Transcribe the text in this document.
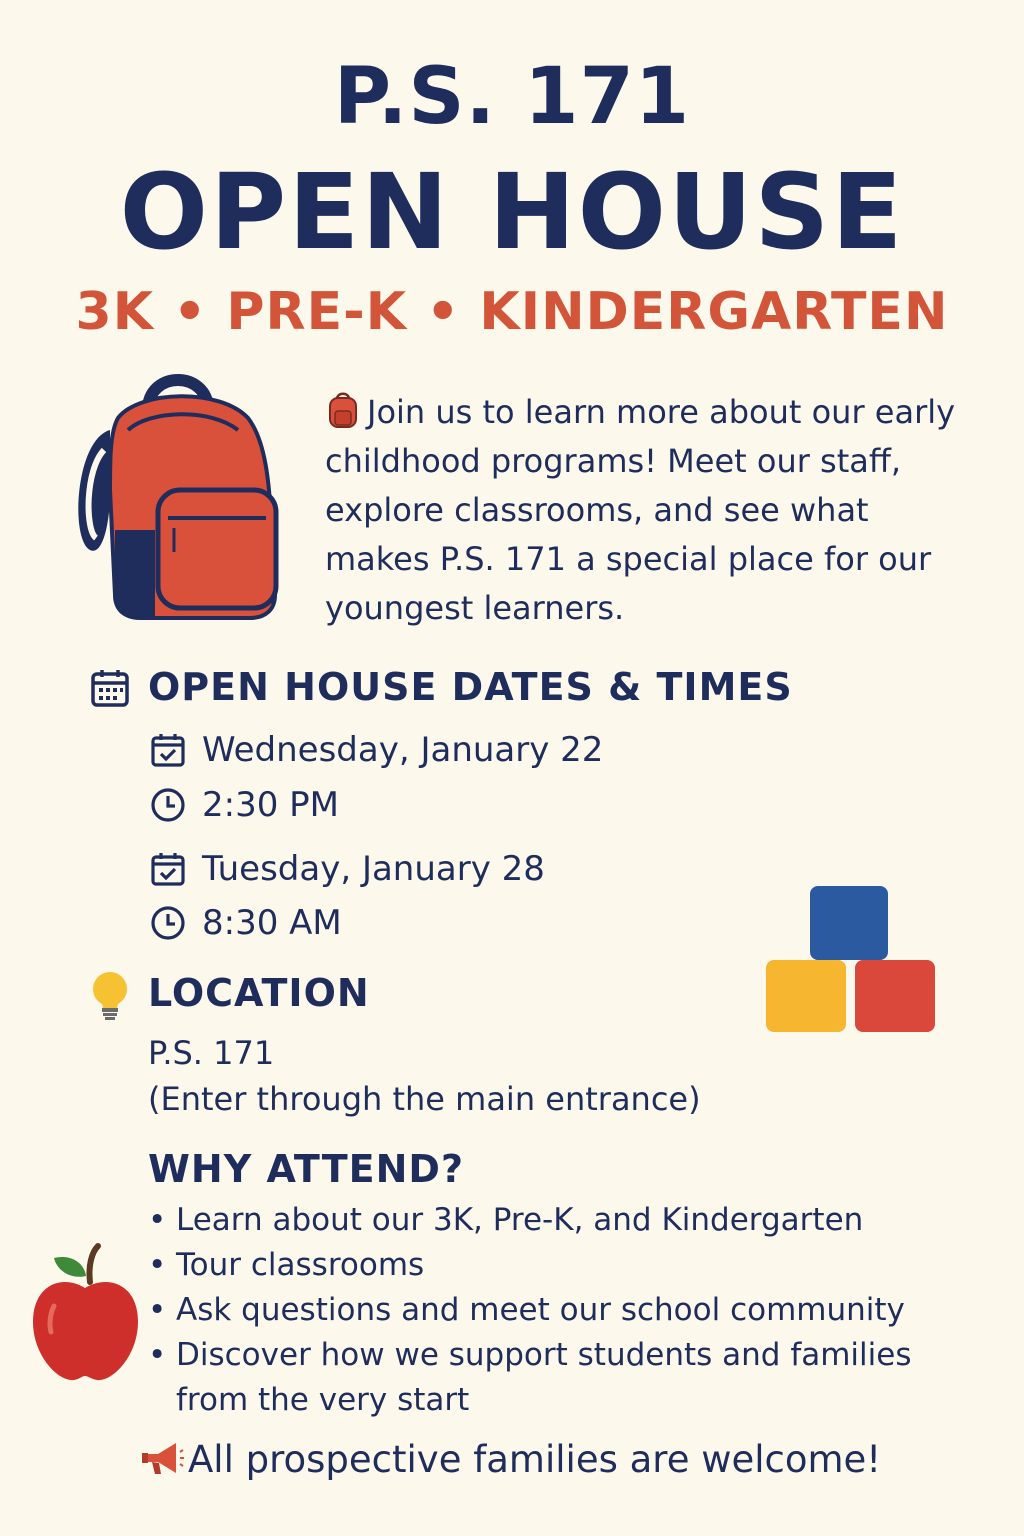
P.S. 171
OPEN HOUSE
3K • PRE-K • KINDERGARTEN
Join us to learn more about our early childhood programs! Meet our staff, explore classrooms, and see what makes P.S. 171 a special place for our youngest learners.
OPEN HOUSE DATES & TIMES
Wednesday, January 22
2:30 PM
Tuesday, January 28
8:30 AM
LOCATION
P.S. 171
(Enter through the main entrance)
WHY ATTEND?
• Learn about our 3K, Pre-K, and Kindergarten
• Tour classrooms
• Ask questions and meet our school community
• Discover how we support students and families from the very start
All prospective families are welcome!
